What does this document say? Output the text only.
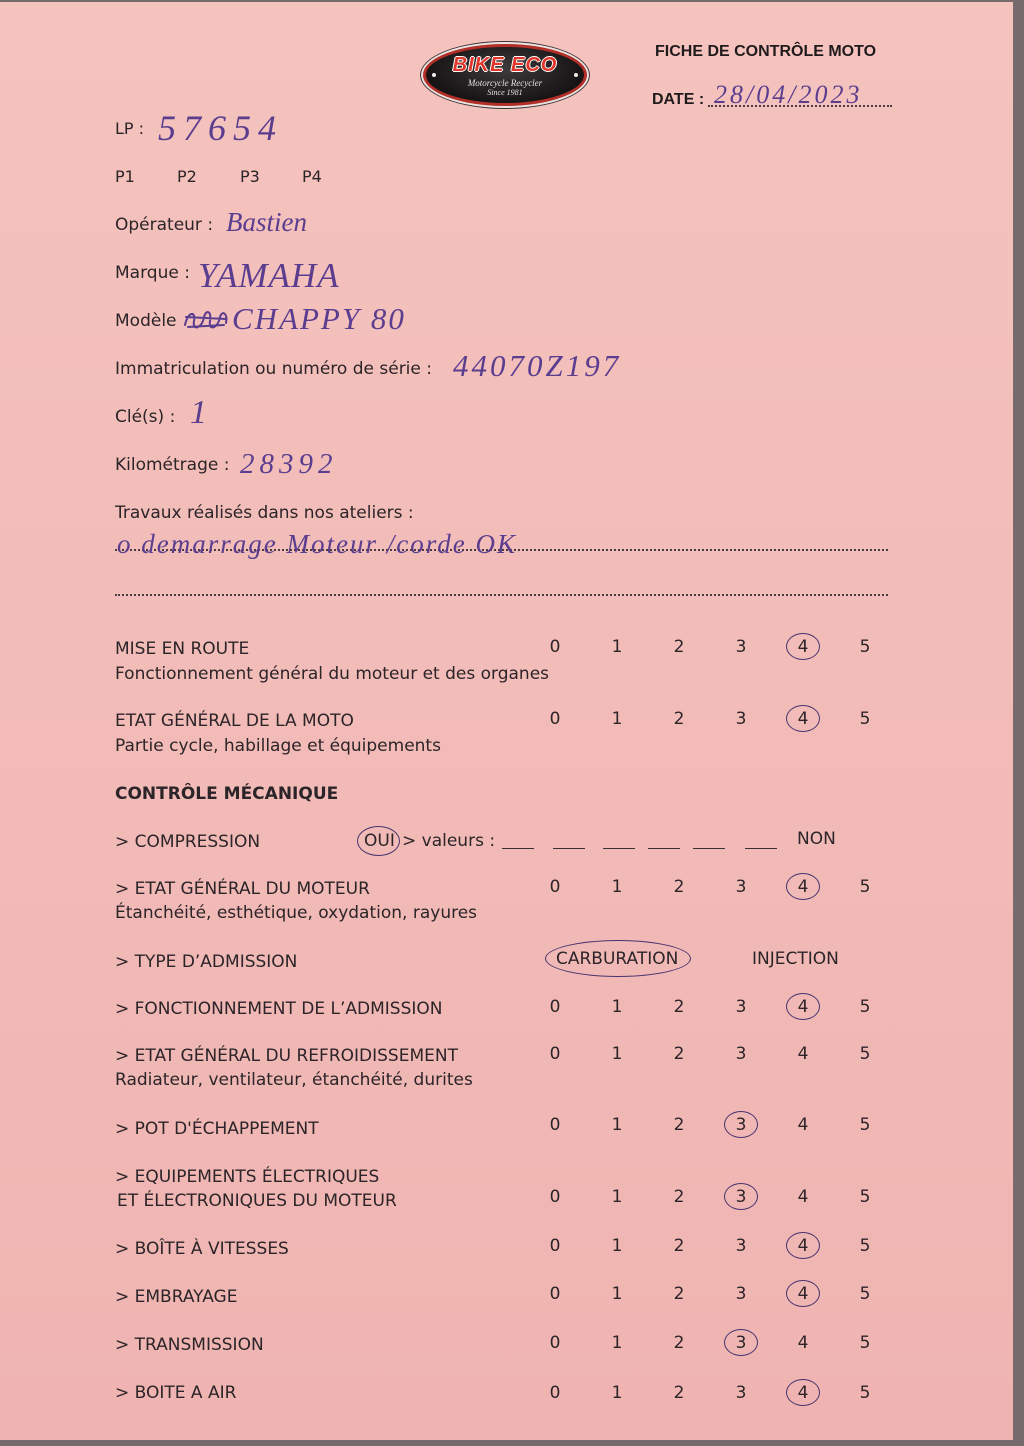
BIKE ECO
Motorcycle Recycler
Since 1981
FICHE DE CONTRÔLE MOTO
DATE : 28/04/2023
LP : 57654
P1	P2	P3	P4
Opérateur : Bastien
Marque : YAMAHA
Modèle CHAPPY 80
Immatriculation ou numéro de série : 44070Z197
Clé(s) : 1
Kilométrage : 28392
Travaux réalisés dans nos ateliers :
o demarrage Moteur /corde OK
MISE EN ROUTE
Fonctionnement général du moteur et des organes
0	1	2	3	4	5
ETAT GÉNÉRAL DE LA MOTO
Partie cycle, habillage et équipements
0	1	2	3	4	5
CONTRÔLE MÉCANIQUE
> COMPRESSION	OUI > valeurs :	NON
> ETAT GÉNÉRAL DU MOTEUR
Étanchéité, esthétique, oxydation, rayures
0	1	2	3	4	5
> TYPE D’ADMISSION	CARBURATION	INJECTION
> FONCTIONNEMENT DE L’ADMISSION	0	1	2	3	4	5
> ETAT GÉNÉRAL DU REFROIDISSEMENT
Radiateur, ventilateur, étanchéité, durites
0	1	2	3	4	5
> POT D'ÉCHAPPEMENT	0	1	2	3	4	5
> EQUIPEMENTS ÉLECTRIQUES
ET ÉLECTRONIQUES DU MOTEUR	0	1	2	3	4	5
> BOÎTE À VITESSES	0	1	2	3	4	5
> EMBRAYAGE	0	1	2	3	4	5
> TRANSMISSION	0	1	2	3	4	5
> BOITE A AIR	0	1	2	3	4	5
